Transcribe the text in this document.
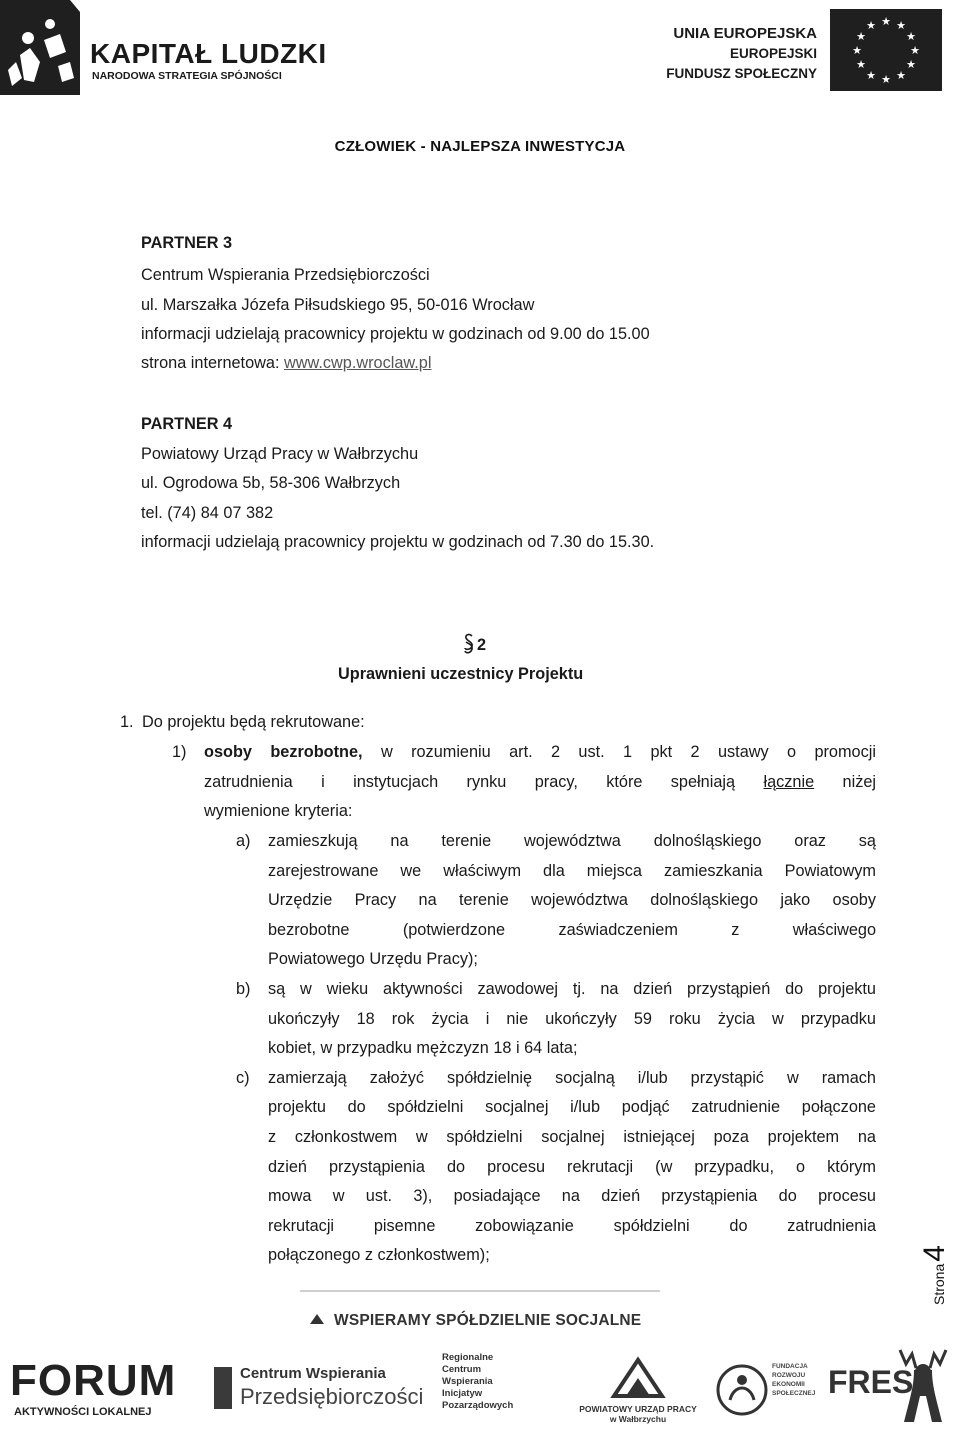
KAPITAŁ LUDZKI
NARODOWA STRATEGIA SPÓJNOŚCI
UNIA EUROPEJSKA
EUROPEJSKI
FUNDUSZ SPOŁECZNY
★ ★
★
★
★
★
★
★
★
★
★
★
CZŁOWIEK - NAJLEPSZA INWESTYCJA
PARTNER 3
Centrum Wspierania Przedsiębiorczości
ul. Marszałka Józefa Piłsudskiego 95, 50-016 Wrocław
informacji udzielają pracownicy projektu w godzinach od 9.00 do 15.00
strona internetowa: www.cwp.wroclaw.pl
PARTNER 4
Powiatowy Urząd Pracy w Wałbrzychu
ul. Ogrodowa 5b, 58-306 Wałbrzych
tel. (74) 84 07 382
informacji udzielają pracownicy projektu w godzinach od 7.30 do 15.30.
2
Uprawnieni uczestnicy Projektu
1. Do projektu będą rekrutowane:
1) osoby bezrobotne, w rozumieniu art. 2 ust. 1 pkt 2 ustawy o promocji
zatrudnienia i instytucjach rynku pracy, które spełniają łącznie niżej
wymienione kryteria:
a) zamieszkują na terenie województwa dolnośląskiego oraz są
zarejestrowane we właściwym dla miejsca zamieszkania Powiatowym
Urzędzie Pracy na terenie województwa dolnośląskiego jako osoby
bezrobotne (potwierdzone zaświadczeniem z właściwego
Powiatowego Urzędu Pracy);
b) są w wieku aktywności zawodowej tj. na dzień przystąpień do projektu
ukończyły 18 rok życia i nie ukończyły 59 roku życia w przypadku
kobiet, w przypadku mężczyzn 18 i 64 lata;
c) zamierzają założyć spółdzielnię socjalną i/lub przystąpić w ramach
projektu do spółdzielni socjalnej i/lub podjąć zatrudnienie połączone
z członkostwem w spółdzielni socjalnej istniejącej poza projektem na
dzień przystąpienia do procesu rekrutacji (w przypadku, o którym
mowa w ust. 3), posiadające na dzień przystąpienia do procesu
rekrutacji pisemne zobowiązanie spółdzielni do zatrudnienia
połączonego z członkostwem);
Strona4
WSPIERAMY SPÓŁDZIELNIE SOCJALNE
FORUM
AKTYWNOŚCI LOKALNEJ
Centrum Wspierania
Przedsiębiorczości
Regionalne
Centrum
Wspierania
Inicjatyw Pozarządowych	POWIATOWY URZĄD PRACY
w Wałbrzychu
FUNDACJA
ROZWOJU
EKONOMII
SPOŁECZNEJ FRES
